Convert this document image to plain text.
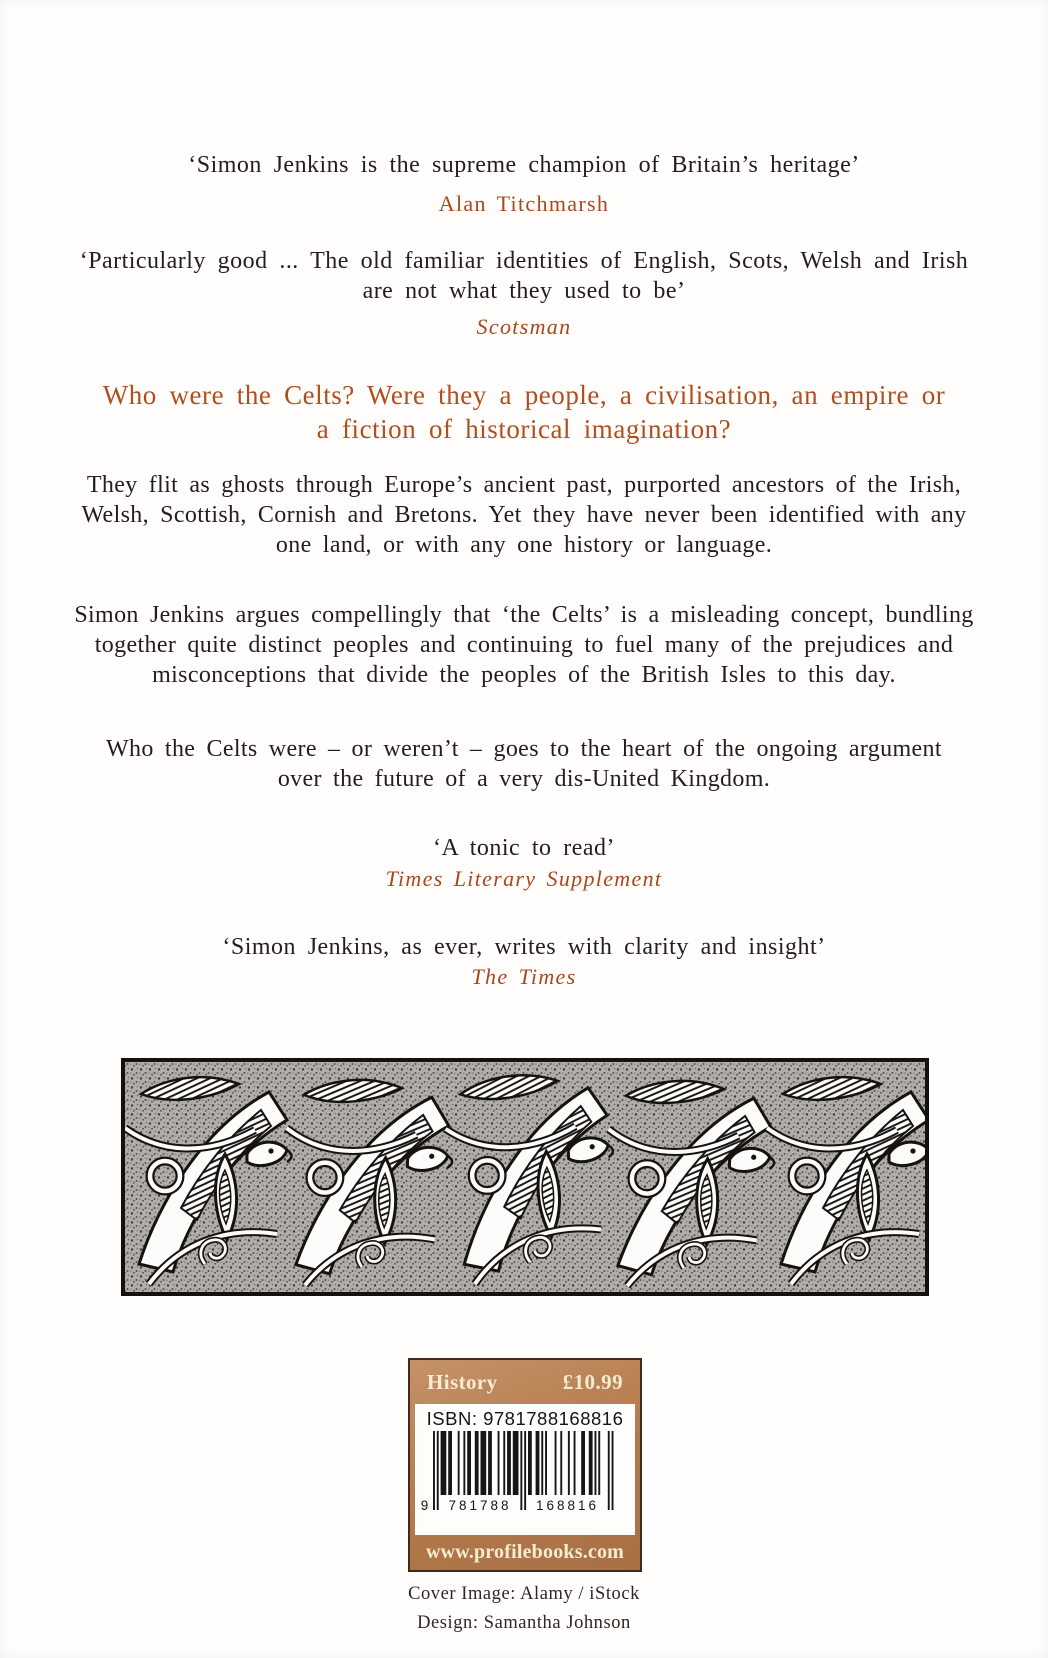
‘Simon Jenkins is the supreme champion of Britain’s heritage’

Alan Titchmarsh

‘Particularly good ... The old familiar identities of English, Scots, Welsh and Irish are not what they used to be’

Scotsman

Who were the Celts? Were they a people, a civilisation, an empire or a fiction of historical imagination?

They flit as ghosts through Europe’s ancient past, purported ancestors of the Irish, Welsh, Scottish, Cornish and Bretons. Yet they have never been identified with any one land, or with any one history or language.

Simon Jenkins argues compellingly that ‘the Celts’ is a misleading concept, bundling together quite distinct peoples and continuing to fuel many of the prejudices and misconceptions that divide the peoples of the British Isles to this day.

Who the Celts were – or weren’t – goes to the heart of the ongoing argument over the future of a very dis-United Kingdom.

‘A tonic to read’

Times Literary Supplement

‘Simon Jenkins, as ever, writes with clarity and insight’

The Times
History	£10.99
ISBN: 9781788168816
9 781788 168816
www.profilebooks.com
Cover Image: Alamy / iStock
Design: Samantha Johnson
